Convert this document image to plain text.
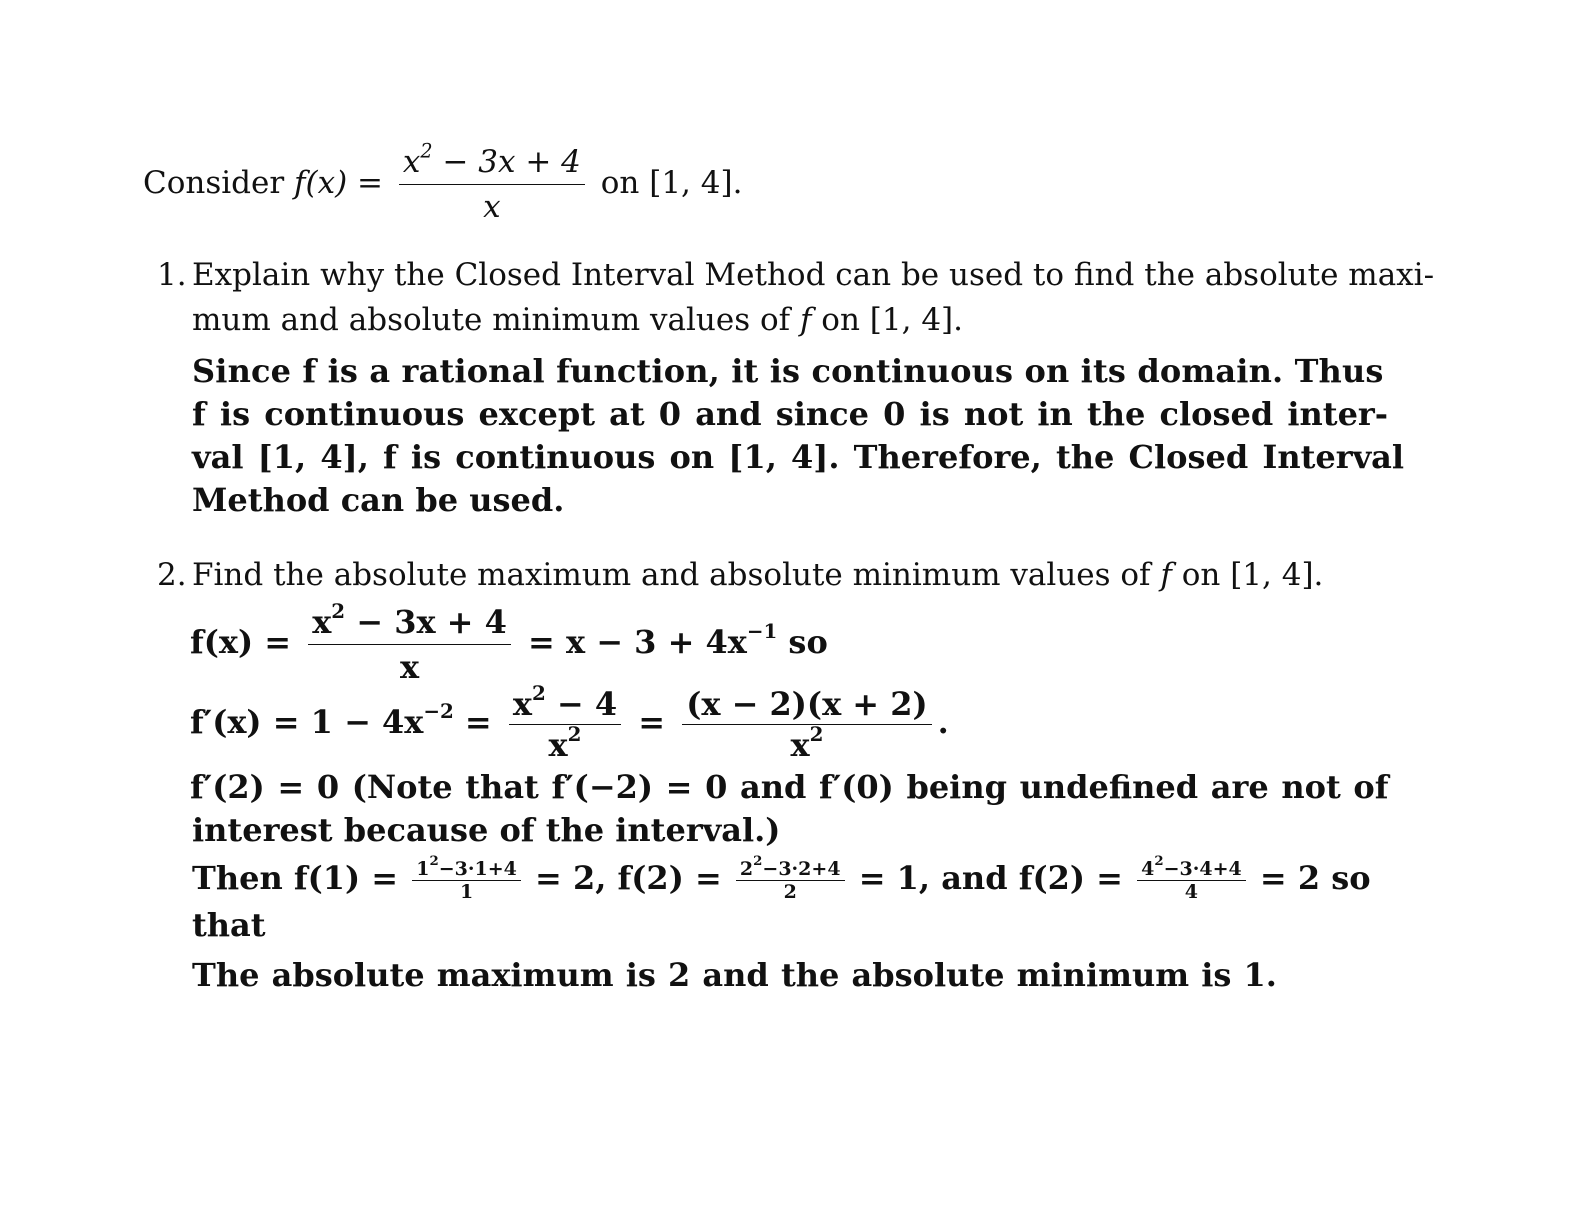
Consider $f(x) = \frac{x^2 - 3x + 4}{x}$ on [1, 4].
1. Explain why the Closed Interval Method can be used to find the absolute maxi-
mum and absolute minimum values of f on [1, 4].
Since f is a rational function, it is continuous on its domain. Thus
f is continuous except at 0 and since 0 is not in the closed inter-
val [1, 4], f is continuous on [1, 4]. Therefore, the Closed Interval
Method can be used.
2. Find the absolute maximum and absolute minimum values of f on [1, 4].
$f(x) = \frac{x^2 - 3x + 4}{x} = x - 3 + 4x^{-1}$ so
$f'(x) = 1 - 4x^{-2} = \frac{x^2 - 4}{x^2} = \frac{(x - 2)(x + 2)}{x^2}$ .
f′(2) = 0 (Note that f′(−2) = 0 and f′(0) being undefined are not of
interest because of the interval.)
Then $f(1) = \frac{1^2-3\cdot 1+4}{1} = 2$, $f(2) = \frac{2^2-3\cdot 2+4}{2} = 1$, and $f(2) = \frac{4^2-3\cdot 4+4}{4} = 2$ so
that
The absolute maximum is 2 and the absolute minimum is 1.
